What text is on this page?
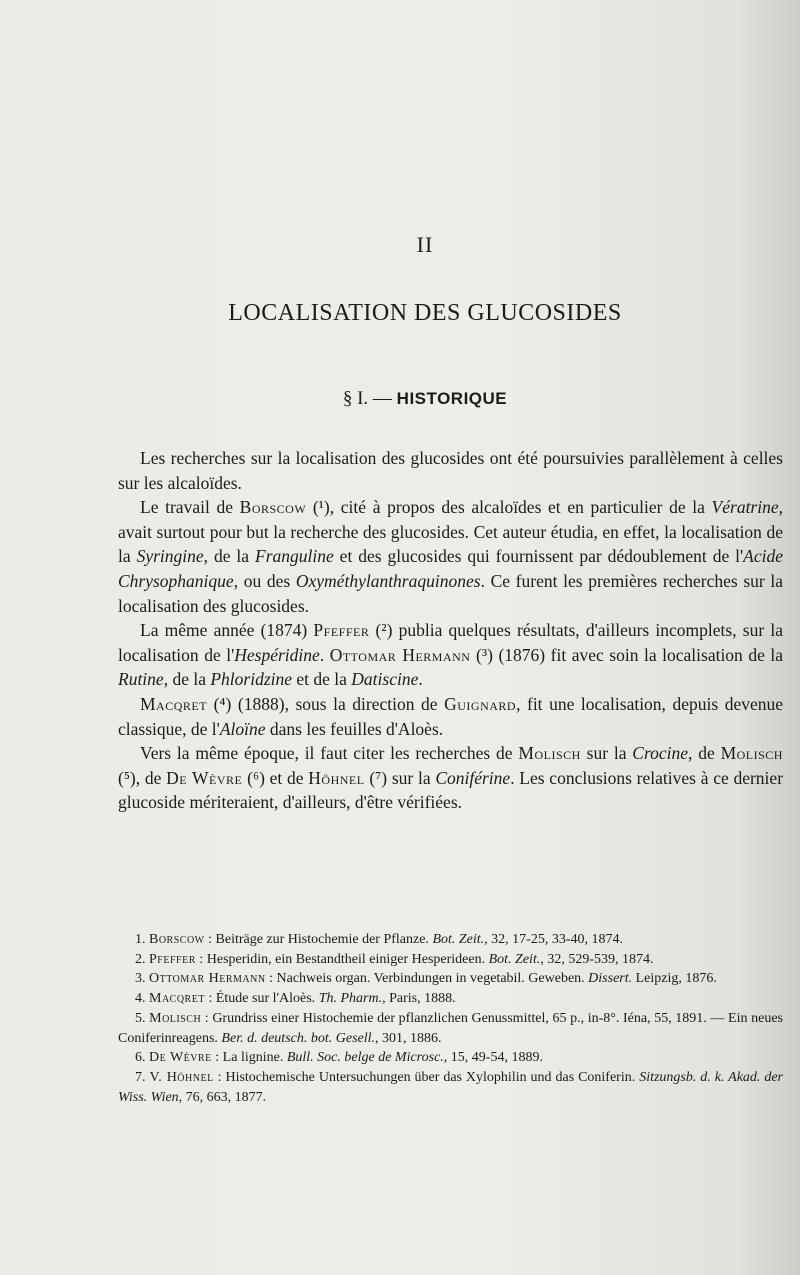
II
LOCALISATION DES GLUCOSIDES
§ I. — HISTORIQUE

Les recherches sur la localisation des glucosides ont été poursuivies parallèlement à celles sur les alcaloïdes.

Le travail de Borscow (¹), cité à propos des alcaloïdes et en particulier de la Vératrine, avait surtout pour but la recherche des glucosides. Cet auteur étudia, en effet, la localisation de la Syringine, de la Franguline et des glucosides qui fournissent par dédoublement de l'Acide Chrysophanique, ou des Oxyméthylanthraquinones. Ce furent les premières recherches sur la localisation des glucosides.

La même année (1874) Pfeffer (²) publia quelques résultats, d'ailleurs incomplets, sur la localisation de l'Hespéridine. Ottomar Hermann (³) (1876) fit avec soin la localisation de la Rutine, de la Phloridzine et de la Datiscine.

Macqret (⁴) (1888), sous la direction de Guignard, fit une localisation, depuis devenue classique, de l'Aloïne dans les feuilles d'Aloès.

Vers la même époque, il faut citer les recherches de Molisch sur la Crocine, de Molisch (⁵), de De Wèvre (⁶) et de Höhnel (⁷) sur la Coniférine. Les conclusions relatives à ce dernier glucoside mériteraient, d'ailleurs, d'être vérifiées.

1. Borscow : Beiträge zur Histochemie der Pflanze. Bot. Zeit., 32, 17-25, 33-40, 1874.

2. Pfeffer : Hesperidin, ein Bestandtheil einiger Hesperideen. Bot. Zeit., 32, 529-539, 1874.

3. Ottomar Hermann : Nachweis organ. Verbindungen in vegetabil. Geweben. Dissert. Leipzig, 1876.

4. Macqret : Étude sur l'Aloès. Th. Pharm., Paris, 1888.

5. Molisch : Grundriss einer Histochemie der pflanzlichen Genussmittel, 65 p., in-8°. Iéna, 55, 1891. — Ein neues Coniferinreagens. Ber. d. deutsch. bot. Gesell., 301, 1886.

6. De Wèvre : La lignine. Bull. Soc. belge de Microsc., 15, 49-54, 1889.

7. V. Höhnel : Histochemische Untersuchungen über das Xylophilin und das Coniferin. Sitzungsb. d. k. Akad. der Wiss. Wien, 76, 663, 1877.
